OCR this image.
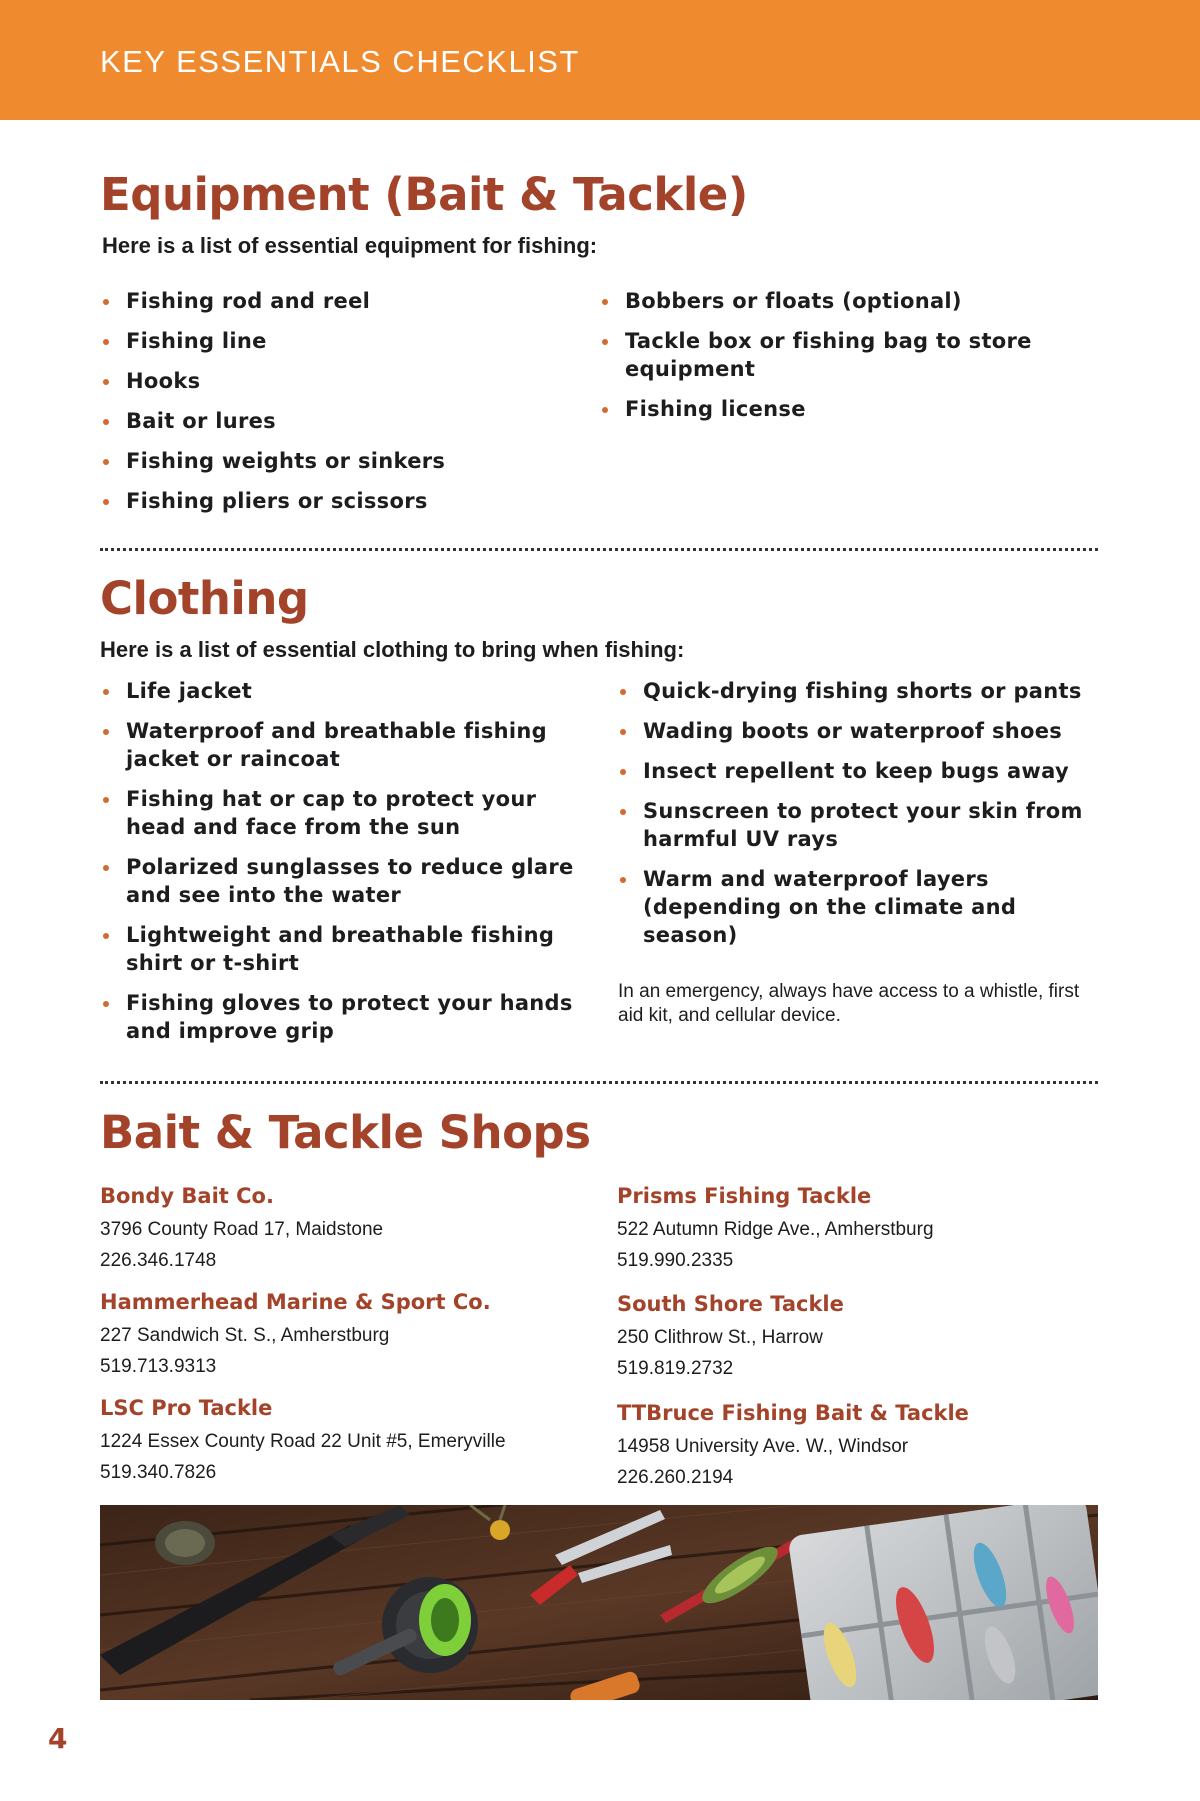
KEY ESSENTIALS CHECKLIST
Equipment (Bait & Tackle)

Here is a list of essential equipment for fishing:

Fishing rod and reel
Fishing line
Hooks
Bait or lures
Fishing weights or sinkers
Fishing pliers or scissors
Bobbers or floats (optional)
Tackle box or fishing bag to store equipment
Fishing license
Clothing

Here is a list of essential clothing to bring when fishing:

Life jacket
Waterproof and breathable fishing jacket or raincoat
Fishing hat or cap to protect your head and face from the sun
Polarized sunglasses to reduce glare and see into the water
Lightweight and breathable fishing shirt or t-shirt
Fishing gloves to protect your hands and improve grip
Quick-drying fishing shorts or pants
Wading boots or waterproof shoes
Insect repellent to keep bugs away
Sunscreen to protect your skin from harmful UV rays
Warm and waterproof layers (depending on the climate and season)

In an emergency, always have access to a whistle, first aid kit, and cellular device.

Bait & Tackle Shops

Bondy Bait Co.

3796 County Road 17, Maidstone

226.346.1748

Hammerhead Marine & Sport Co.

227 Sandwich St. S., Amherstburg

519.713.9313

LSC Pro Tackle

1224 Essex County Road 22 Unit #5, Emeryville

519.340.7826

Prisms Fishing Tackle

522 Autumn Ridge Ave., Amherstburg

519.990.2335

South Shore Tackle

250 Clithrow St., Harrow

519.819.2732

TTBruce Fishing Bait & Tackle

14958 University Ave. W., Windsor

226.260.2194

4
